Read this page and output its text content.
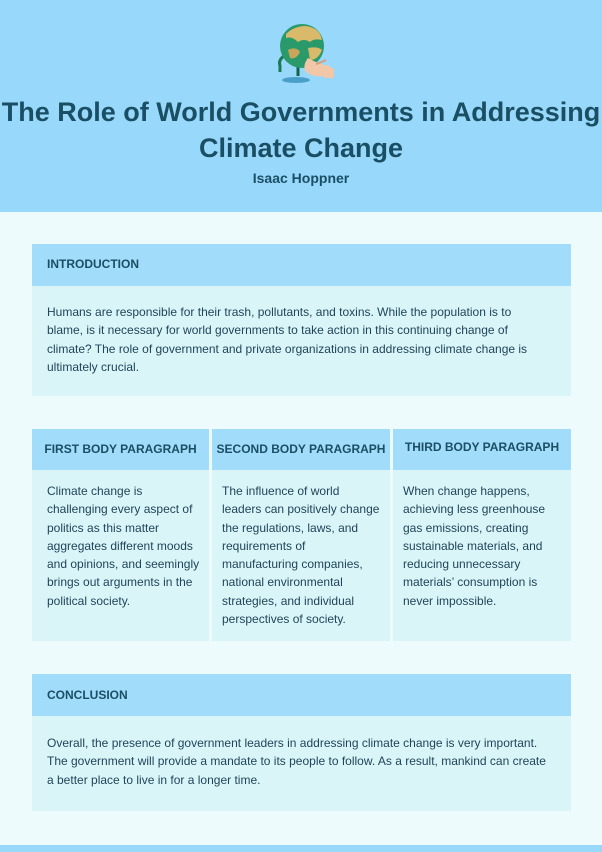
The Role of World Governments in Addressing Climate Change
Isaac Hoppner
INTRODUCTION
Humans are responsible for their trash, pollutants, and toxins. While the population is to blame, is it necessary for world governments to take action in this continuing change of climate? The role of government and private organizations in addressing climate change is ultimately crucial.
FIRST BODY PARAGRAPH
Climate change is challenging every aspect of politics as this matter aggregates different moods and opinions, and seemingly brings out arguments in the political society.
SECOND BODY PARAGRAPH
The influence of world leaders can positively change the regulations, laws, and requirements of manufacturing companies, national environmental strategies, and individual perspectives of society.
THIRD BODY PARAGRAPH
When change happens, achieving less greenhouse gas emissions, creating sustainable materials, and reducing unnecessary materials’ consumption is never impossible.
CONCLUSION
Overall, the presence of government leaders in addressing climate change is very important. The government will provide a mandate to its people to follow. As a result, mankind can create a better place to live in for a longer time.
